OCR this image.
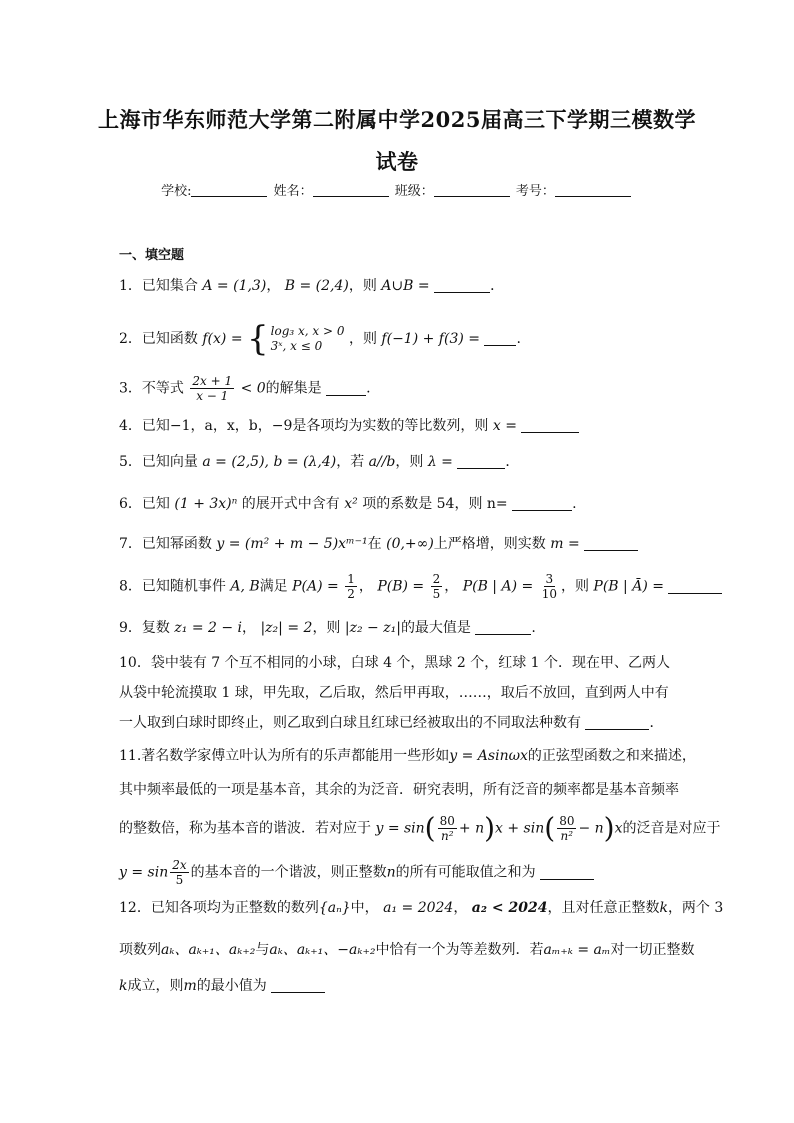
上海市华东师范大学第二附属中学2025届高三下学期三模数学
试卷
学校:	姓名：	班级：	考号：
一、填空题
1．已知集合 A = (1,3)， B = (2,4)，则 A∪B =	．
2．已知函数 f(x) = { log₃ x, x > 0
3ˣ, x ≤ 0	，则 f(−1) + f(3) =	.
3．不等式 $\frac{2x + 1}{x - 1} < 0$的解集是	.
4．已知−1，a，x，b，−9是各项均为实数的等比数列，则 x =
5．已知向量 a = (2,5), b = (λ,4)，若 a//b，则 λ =	．
6．已知 (1 + 3x)ⁿ 的展开式中含有 x² 项的系数是 54，则 n=	.
7．已知幂函数 y = (m² + m − 5)xᵐ⁻¹在 (0,+∞)上严格增，则实数 m =
8．已知随机事件 A, B满足 $P(A) = \frac{1}{2}$ ， $P(B) = \frac{2}{5}$ ， P(B | $A) = \frac{3}{10}$ ，则 P(B | Ā) =
9．复数 z₁ = 2 − i， |z₂| = 2，则 |z₂ − z₁|的最大值是	.
10．袋中装有 7 个互不相同的小球，白球 4 个，黑球 2 个，红球 1 个．现在甲、乙两人从袋中轮流摸取 1 球，甲先取，乙后取，然后甲再取，……，取后不放回，直到两人中有一人取到白球时即终止，则乙取到白球且红球已经被取出的不同取法种数有	．
11.著名数学家傅立叶认为所有的乐声都能用一些形如y = Asinωx的正弦型函数之和来描述，
其中频率最低的一项是基本音，其余的为泛音．研究表明，所有泛音的频率都是基本音频率
的整数倍，称为基本音的谐波．若对应于 $y = \sin( \frac{80}{\text{n²}} + n)x + \sin( \frac{80}{\text{n²}} - n)x$的泛音是对应于
$y = \sin \frac{2x}{5}$ 的基本音的一个谐波，则正整数n的所有可能取值之和为
12．已知各项均为正整数的数列{aₙ}中， a₁ = 2024， a₂ < 2024，且对任意正整数k，两个 3
项数列aₖ、aₖ₊₁、aₖ₊₂与aₖ、aₖ₊₁、−aₖ₊₂中恰有一个为等差数列．若aₘ₊ₖ = aₘ对一切正整数
k成立，则m的最小值为
